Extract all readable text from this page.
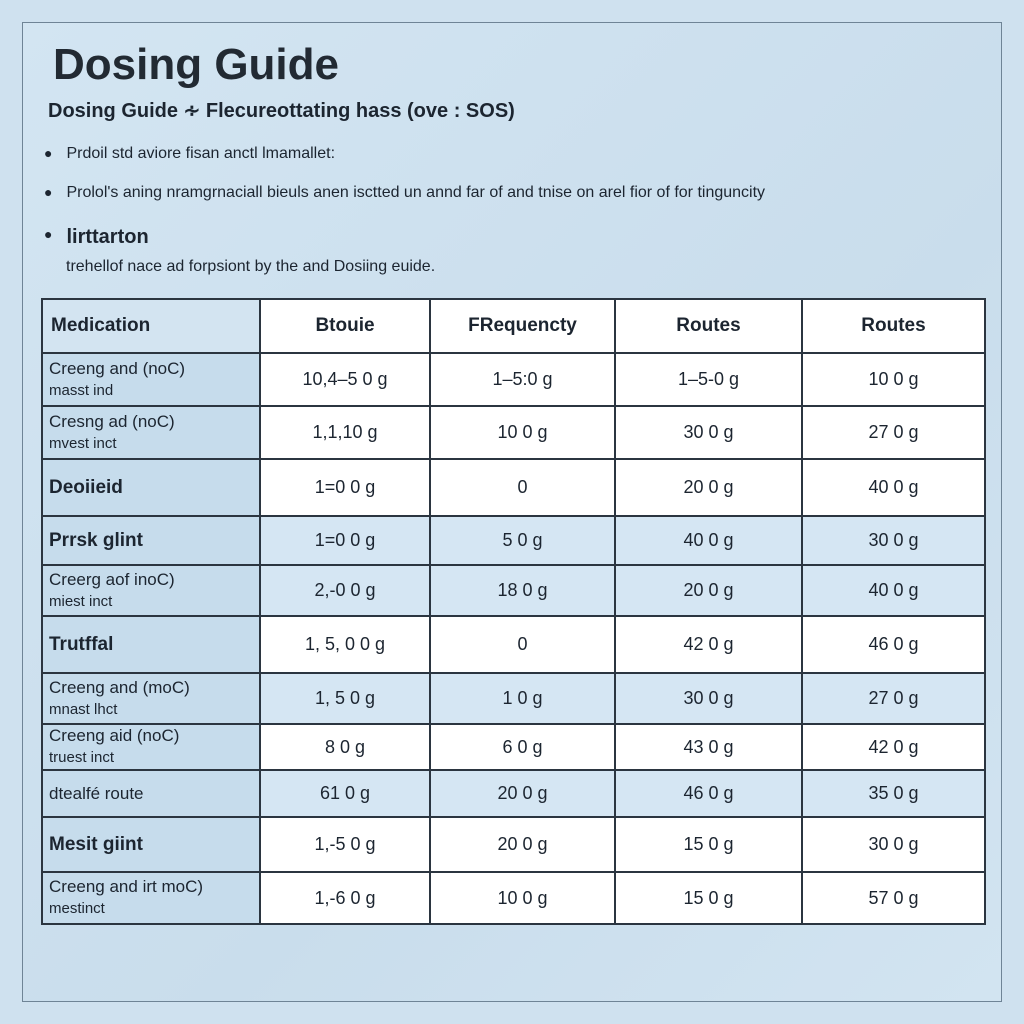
Dosing Guide
Dosing Guide ∻ Flecureottating hass (ove : SOS)
● Prdoil std aviore fisan anctl lmamallet:
● Prolol's aning nramgrnaciall bieuls anen isctted un annd far of and tnise on arel fior of for tinguncity
● lirttarton
trehellof nace ad forpsiont by the and Dosiing euide.
Medication	Btouie	FRequencty	Routes	Routes
Creeng and (noC)
masst ind	10,4–5 0 g	1–5:0 g	1–5-0 g	10 0 g
Cresng ad (noC)
mvest inct	1,1,10 g	10 0 g	30 0 g	27 0 g
Deoiieid	1=0 0 g	0	20 0 g	40 0 g
Prrsk glint	1=0 0 g	5 0 g	40 0 g	30 0 g
Creerg aof inoC)
miest inct	2,-0 0 g	18 0 g	20 0 g	40 0 g
Trutffal	1, 5, 0 0 g	0	42 0 g	46 0 g
Creeng and (moC)
mnast lhct	1, 5 0 g	1 0 g	30 0 g	27 0 g
Creeng aid (noC)
truest inct	8 0 g	6 0 g	43 0 g	42 0 g
dtealfé route	61 0 g	20 0 g	46 0 g	35 0 g
Mesit giint	1,-5 0 g	20 0 g	15 0 g	30 0 g
Creeng and irt moC)
mestinct	1,-6 0 g	10 0 g	15 0 g	57 0 g
